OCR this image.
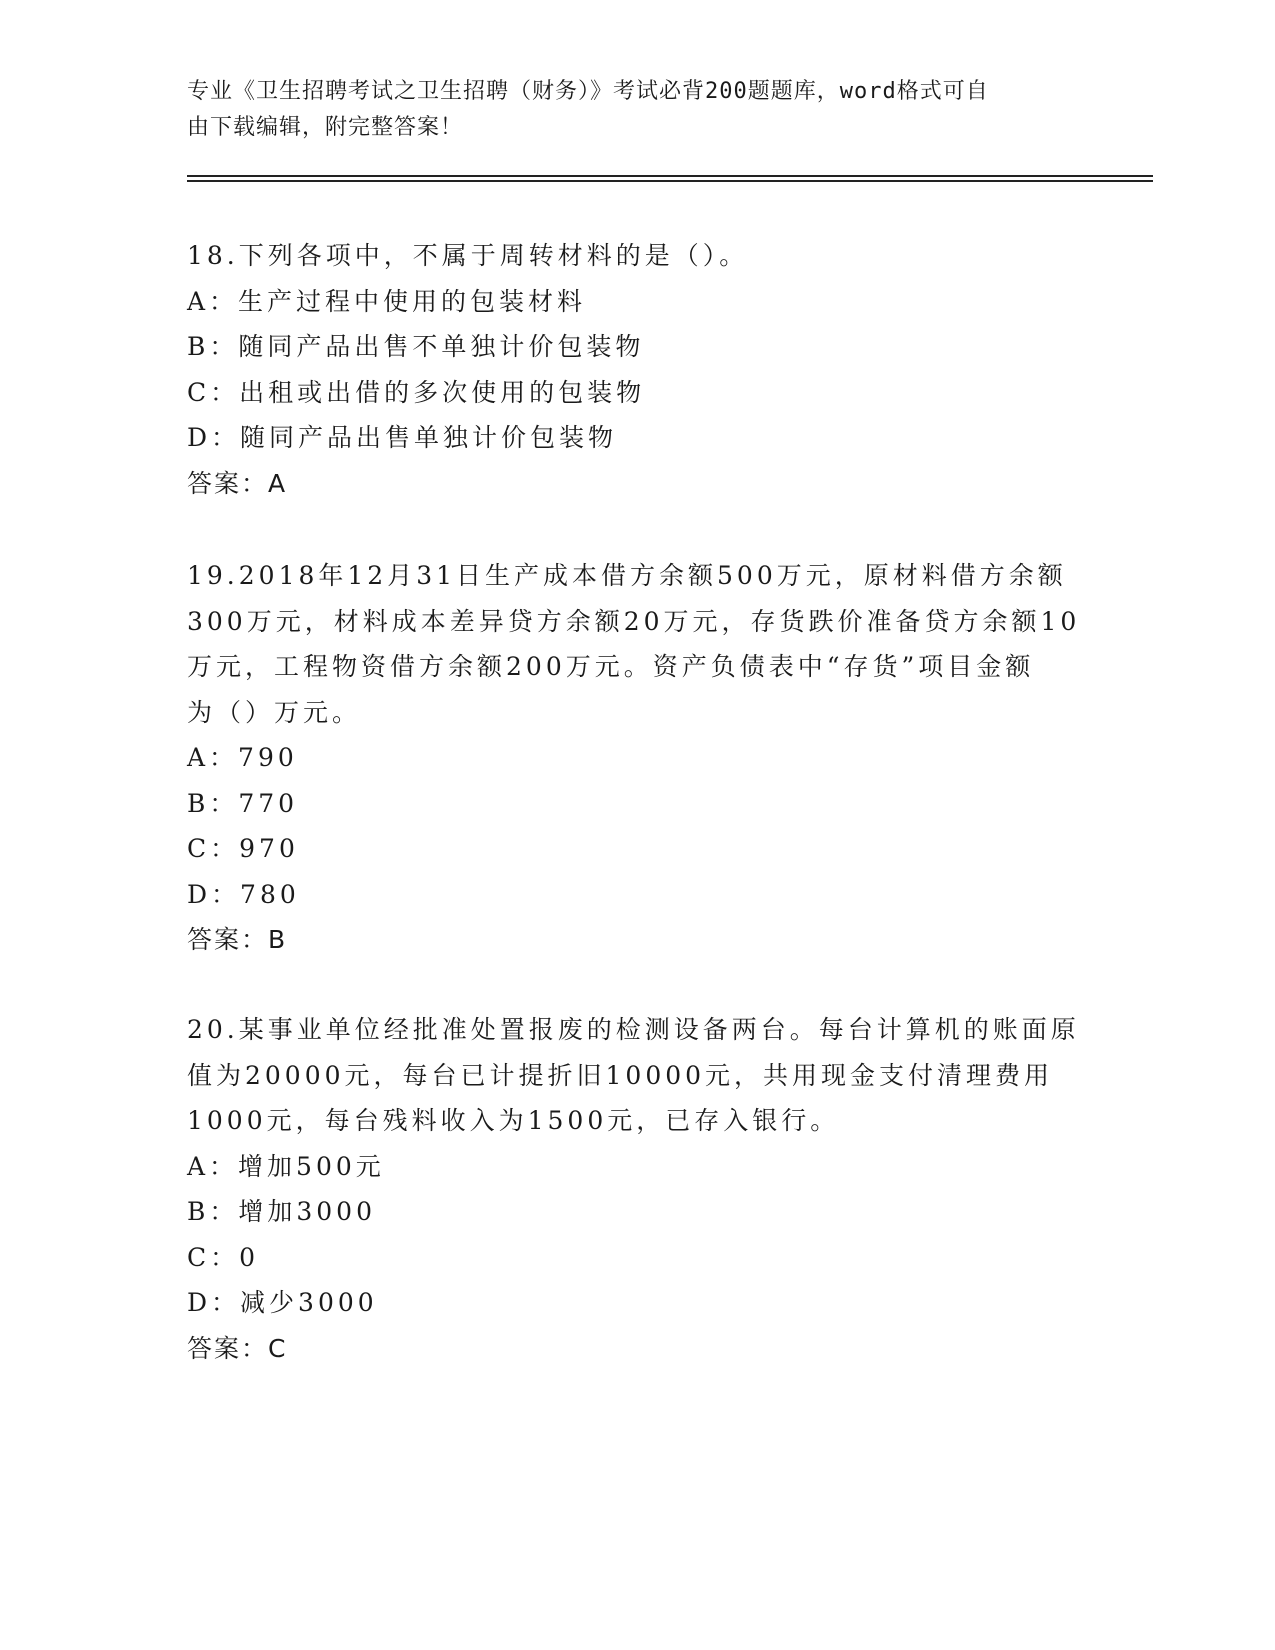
专业《卫生招聘考试之卫生招聘（财务）》考试必背200题题库，word格式可自
由下载编辑，附完整答案！
18.下列各项中，不属于周转材料的是（）。
A：生产过程中使用的包装材料
B：随同产品出售不单独计价包装物
C：出租或出借的多次使用的包装物
D：随同产品出售单独计价包装物
答案：A
19.2018年12月31日生产成本借方余额500万元，原材料借方余额
300万元，材料成本差异贷方余额20万元，存货跌价准备贷方余额10
万元，工程物资借方余额200万元。资产负债表中“存货”项目金额
为（）万元。
A：790
B：770
C：970
D：780
答案：B
20.某事业单位经批准处置报废的检测设备两台。每台计算机的账面原
值为20000元，每台已计提折旧10000元，共用现金支付清理费用
1000元，每台残料收入为1500元，已存入银行。
A：增加500元
B：增加3000
C：0
D：减少3000
答案：C
